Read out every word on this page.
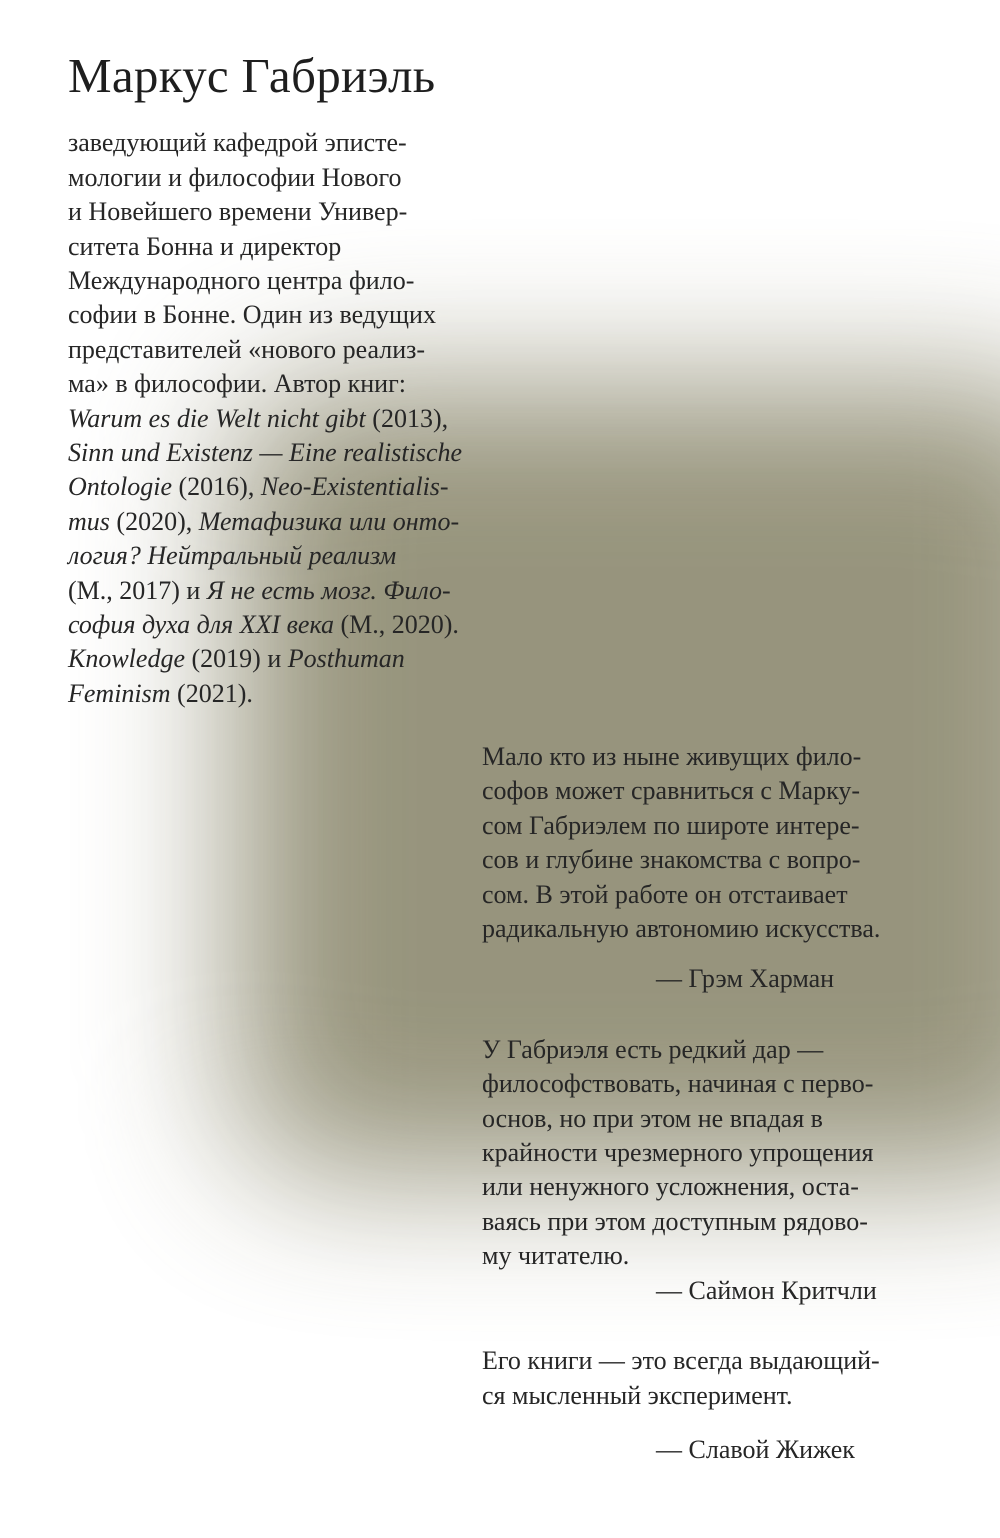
Маркус Габриэль
заведующий кафедрой эписте-
мологии и философии Нового
и Новейшего времени Универ-
ситета Бонна и директор
Международного центра фило-
софии в Бонне. Один из ведущих
представителей «нового реализ-
ма» в философии. Автор книг:
Warum es die Welt nicht gibt (2013),
Sinn und Existenz — Eine realistische
Ontologie (2016), Neo-Existentialis-
mus (2020), Метафизика или онто-
логия? Нейтральный реализм
(М., 2017) и Я не есть мозг. Фило-
софия духа для XXI века (М., 2020).
Knowledge (2019) и Posthuman
Feminism (2021).
Мало кто из ныне живущих фило-
софов может сравниться с Марку-
сом Габриэлем по широте интере-
сов и глубине знакомства с вопро-
сом. В этой работе он отстаивает
радикальную автономию искусства.
— Грэм Харман
У Габриэля есть редкий дар —
философствовать, начиная с перво-
основ, но при этом не впадая в
крайности чрезмерного упрощения
или ненужного усложнения, оста-
ваясь при этом доступным рядово-
му читателю.
— Саймон Критчли
Его книги — это всегда выдающий-
ся мысленный эксперимент.
— Славой Жижек
